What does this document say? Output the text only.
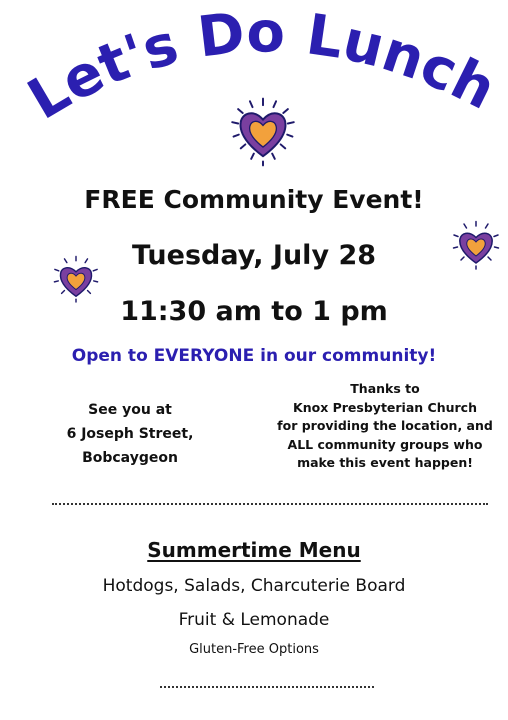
Let's Do Lunch
FREE Community Event!
Tuesday, July 28
11:30 am to 1 pm
Open to EVERYONE in our community!
See you at
6 Joseph Street,
Bobcaygeon
Thanks to
Knox Presbyterian Church
for providing the location, and
ALL community groups who
make this event happen!
Summertime Menu
Hotdogs, Salads, Charcuterie Board
Fruit & Lemonade
Gluten-Free Options
